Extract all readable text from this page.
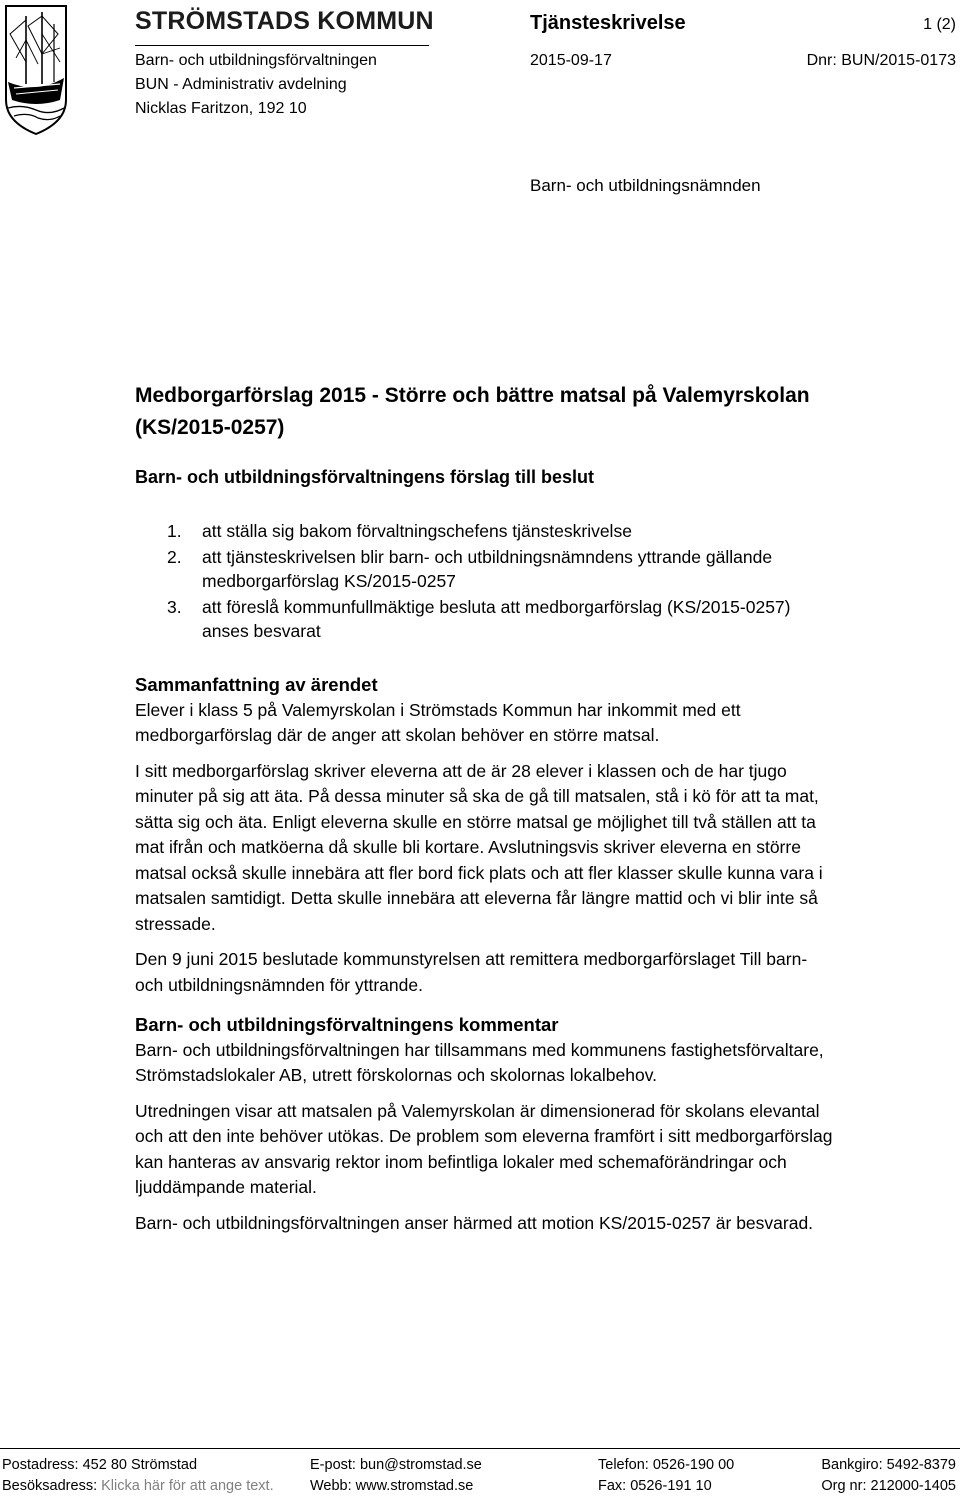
STRÖMSTADS KOMMUN
Barn- och utbildningsförvaltningen
BUN - Administrativ avdelning
Nicklas Faritzon, 192 10
Tjänsteskrivelse	1 (2)
2015-09-17	Dnr: BUN/2015-0173
Barn- och utbildningsnämnden
Medborgarförslag 2015 - Större och bättre matsal på Valemyrskolan (KS/2015-0257)
Barn- och utbildningsförvaltningens förslag till beslut
1. att ställa sig bakom förvaltningschefens tjänsteskrivelse
2. att tjänsteskrivelsen blir barn- och utbildningsnämndens yttrande gällande medborgarförslag KS/2015-0257
3. att föreslå kommunfullmäktige besluta att medborgarförslag (KS/2015-0257) anses besvarat
Sammanfattning av ärendet

Elever i klass 5 på Valemyrskolan i Strömstads Kommun har inkommit med ett medborgarförslag där de anger att skolan behöver en större matsal.

I sitt medborgarförslag skriver eleverna att de är 28 elever i klassen och de har tjugo minuter på sig att äta. På dessa minuter så ska de gå till matsalen, stå i kö för att ta mat, sätta sig och äta. Enligt eleverna skulle en större matsal ge möjlighet till två ställen att ta mat ifrån och matköerna då skulle bli kortare. Avslutningsvis skriver eleverna en större matsal också skulle innebära att fler bord fick plats och att fler klasser skulle kunna vara i matsalen samtidigt. Detta skulle innebära att eleverna får längre mattid och vi blir inte så stressade.

Den 9 juni 2015 beslutade kommunstyrelsen att remittera medborgarförslaget Till barn- och utbildningsnämnden för yttrande.

Barn- och utbildningsförvaltningens kommentar

Barn- och utbildningsförvaltningen har tillsammans med kommunens fastighetsförvaltare, Strömstadslokaler AB, utrett förskolornas och skolornas lokalbehov.

Utredningen visar att matsalen på Valemyrskolan är dimensionerad för skolans elevantal och att den inte behöver utökas. De problem som eleverna framfört i sitt medborgarförslag kan hanteras av ansvarig rektor inom befintliga lokaler med schemaförändringar och ljuddämpande material.

Barn- och utbildningsförvaltningen anser härmed att motion KS/2015-0257 är besvarad.

Postadress: 452 80 Strömstad
Besöksadress: Klicka här för att ange text.
E-post: bun@stromstad.se
Webb: www.stromstad.se
Telefon: 0526-190 00
Fax: 0526-191 10
Bankgiro: 5492-8379
Org nr: 212000-1405
